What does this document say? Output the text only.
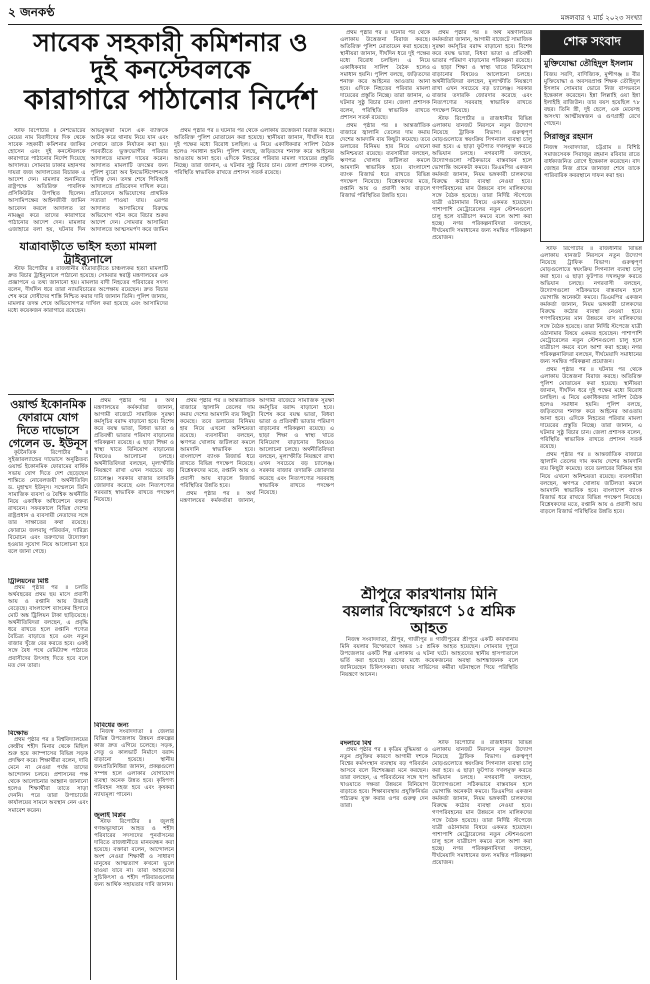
২ জনকণ্ঠ	মঙ্গলবার ৭ মার্চ ২০২৩ সংখ্যা
সাবেক সহকারী কমিশনার ও
দুই কনস্টেবলকে
কারাগারে পাঠানোর নির্দেশ

স্টাফ রিপোর্টার ॥ নৈশভোটের মেয়ের নাম বিবাদীদের দিক থেকে সাবেক সহকারী কমিশনার জাকির হোসেন এবং দুই কনস্টেবলকে কারাগারে পাঠানোর নির্দেশ দিয়েছে আদালত। সোমবার ঢাকার মহানগর দায়রা জজ আদালতের বিচারক এ আদেশ দেন। মামলার শুনানিতে রাষ্ট্রপক্ষে অতিরিক্ত পাবলিক প্রসিকিউটর উপস্থিত ছিলেন। আসামিপক্ষের আইনজীবী জামিন আবেদন করলে আদালত তা নামঞ্জুর করে তাদের কারাগারে পাঠানোর আদেশ দেন। মামলার এজাহারে বলা হয়, ঘটনার দিন অভিযুক্তরা মিলে এক ব্যক্তিকে আটক করে থানায় নিয়ে যান এবং সেখানে তাকে নির্যাতন করা হয়। পরবর্তীতে ভুক্তভোগীর পরিবার আদালতে মামলা দায়ের করেন। আদালত মামলাটি তদন্তের জন্য পুলিশ ব্যুরো অব ইনভেস্টিগেশনকে দায়িত্ব দেন। তদন্ত শেষে পিবিআই আদালতে প্রতিবেদন দাখিল করে। প্রতিবেদনে অভিযোগের প্রাথমিক সত্যতা পাওয়া যায়। এরপর আদালত আসামিদের বিরুদ্ধে অভিযোগ গঠন করে বিচার শুরুর আদেশ দেন। সোমবার আসামিরা আদালতে আত্মসমর্পণ করে জামিন

যাত্রাবাড়ীতে ভাইস হত্যা মামলা ট্রাইব্যুনালে

স্টাফ রিপোর্টার ॥ রাজধানীর যাত্রাবাড়ীতে চাঞ্চল্যকর হত্যা মামলাটি দ্রুত বিচার ট্রাইব্যুনালে পাঠানো হয়েছে। সোমবার স্বরাষ্ট্র মন্ত্রণালয়ের এক প্রজ্ঞাপনে এ তথ্য জানানো হয়। মামলার বাদী নিহতের পরিবারের সদস্য বলেন, দীর্ঘদিন ধরে তারা ন্যায়বিচারের অপেক্ষায় রয়েছেন। দ্রুত বিচার শেষ করে দোষীদের শাস্তি নিশ্চিত করার দাবি জানান তিনি। পুলিশ জানায়, মামলার তদন্ত শেষে অভিযোগপত্র দাখিল করা হয়েছে এবং আসামিদের মধ্যে কয়েকজন কারাগারে রয়েছেন।

প্রথম পৃষ্ঠার পর ॥ ঘটনার পর থেকে এলাকায় উত্তেজনা বিরাজ করছে। অতিরিক্ত পুলিশ মোতায়েন করা হয়েছে। স্থানীয়রা জানান, দীর্ঘদিন ধরে দুই পক্ষের মধ্যে বিরোধ চলছিল। এ নিয়ে একাধিকবার সালিশ বৈঠক হলেও সমাধান হয়নি। পুলিশ বলছে, জড়িতদের শনাক্ত করে আইনের আওতায় আনা হবে। এদিকে নিহতের পরিবার মামলা দায়েরের প্রস্তুতি নিচ্ছে। তারা জানান, এ ঘটনার সুষ্ঠু বিচার চান। জেলা প্রশাসক বলেন, পরিস্থিতি স্বাভাবিক রাখতে প্রশাসন সতর্ক রয়েছে।

ওয়ার্ল্ড ইকোনমিক ফোরামে যোগ দিতে দাভোসে গেলেন ড. ইউনূস

কূটনৈতিক রিপোর্টার ॥ সুইজারল্যান্ডের দাভোসে অনুষ্ঠিতব্য ওয়ার্ল্ড ইকোনমিক ফোরামের বার্ষিক সভায় যোগ দিতে দেশ ছেড়েছেন শান্তিতে নোবেলজয়ী অর্থনীতিবিদ ড. মুহাম্মদ ইউনূস। সম্মেলনে তিনি সামাজিক ব্যবসা ও বৈশ্বিক অর্থনীতি নিয়ে একাধিক অধিবেশনে বক্তব্য রাখবেন। সফরকালে বিভিন্ন দেশের রাষ্ট্রপ্রধান ও ব্যবসায়ী নেতাদের সঙ্গে তার সাক্ষাতের কথা রয়েছে। ফোরামে জলবায়ু পরিবর্তন, দারিদ্র্য বিমোচন এবং তরুণদের উদ্যোক্তা হওয়ার সুযোগ নিয়ে আলোচনা হবে বলে জানা গেছে।

ট্রিলিয়নের মিষ্টি

প্রথম পৃষ্ঠার পর ॥ চলতি অর্থবছরের প্রথম ছয় মাসে প্রবাসী আয় ও রপ্তানি আয় উভয়ই বেড়েছে। বাংলাদেশ ব্যাংকের হিসাবে মোট অঙ্ক ট্রিলিয়ন টাকা ছাড়িয়েছে। অর্থনীতিবিদরা বলছেন, এ প্রবৃদ্ধি ধরে রাখতে হলে রপ্তানি পণ্যের বৈচিত্র্য বাড়াতে হবে এবং নতুন বাজার খুঁজে বের করতে হবে। একই সঙ্গে বৈধ পথে রেমিট্যান্স পাঠাতে প্রবাসীদের উৎসাহ দিতে হবে বলে মত দেন তারা।

বিক্ষোভ

প্রথম পৃষ্ঠার পর ॥ বিশ্ববিদ্যালয়ের কেন্দ্রীয় শহীদ মিনার থেকে মিছিল শুরু হয়ে ক্যাম্পাসের বিভিন্ন সড়ক প্রদক্ষিণ করে। শিক্ষার্থীরা বলেন, দাবি মেনে না নেওয়া পর্যন্ত তাদের আন্দোলন চলবে। প্রশাসনের পক্ষ থেকে আলোচনার আহ্বান জানানো হলেও শিক্ষার্থীরা তাতে সাড়া দেননি। পরে তারা উপাচার্যের কার্যালয়ের সামনে অবস্থান নেন এবং সমাবেশ করেন।

প্রথম পৃষ্ঠার পর ॥ অর্থ মন্ত্রণালয়ের কর্মকর্তারা জানান, আগামী বাজেটে সামাজিক সুরক্ষা কর্মসূচির বরাদ্দ বাড়ানো হবে। বিশেষ করে বয়স্ক ভাতা, বিধবা ভাতা ও প্রতিবন্ধী ভাতার পরিমাণ বাড়ানোর পরিকল্পনা রয়েছে। এ ছাড়া শিক্ষা ও স্বাস্থ্য খাতে বিনিয়োগ বাড়ানোর বিষয়েও আলোচনা চলছে। অর্থনীতিবিদরা বলছেন, মূল্যস্ফীতি নিয়ন্ত্রণে রাখা এখন সবচেয়ে বড় চ্যালেঞ্জ। সরকার বাজার তদারকি জোরদার করেছে এবং নিত্যপণ্যের সরবরাহ স্বাভাবিক রাখতে পদক্ষেপ নিয়েছে।

বিবিধের জন্য

নিজস্ব সংবাদদাতা ॥ জেলার বিভিন্ন উপজেলায় উন্নয়ন প্রকল্পের কাজ দ্রুত এগিয়ে চলেছে। সড়ক, সেতু ও কালভার্ট নির্মাণে বরাদ্দ বাড়ানো হয়েছে। স্থানীয় জনপ্রতিনিধিরা জানান, প্রকল্পগুলো সম্পন্ন হলে এলাকার যোগাযোগ ব্যবস্থা অনেক উন্নত হবে। কৃষিপণ্য পরিবহন সহজ হবে এবং কৃষকরা ন্যায্যমূল্য পাবেন।

জুলাই বিপ্লব

স্টাফ রিপোর্টার ॥ জুলাই গণঅভ্যুত্থানে আহত ও শহীদ পরিবারের সদস্যদের পুনর্বাসনের দাবিতে রাজধানীতে মানববন্ধন করা হয়েছে। বক্তারা বলেন, আন্দোলনে অংশ নেওয়া শিক্ষার্থী ও সাধারণ মানুষের আত্মত্যাগ কখনো ভুলে যাওয়া যাবে না। তারা আহতদের সুচিকিৎসা ও শহীদ পরিবারগুলোর জন্য আর্থিক সহায়তার দাবি জানান।

প্রথম পৃষ্ঠার পর ॥ আন্তর্জাতিক বাজারে জ্বালানি তেলের দাম কমায় দেশের আমদানি ব্যয় কিছুটা কমেছে। তবে ডলারের বিনিময় হার নিয়ে এখনো অনিশ্চয়তা রয়েছে। ব্যবসায়ীরা বলছেন, ঋণপত্র খোলায় জটিলতা কমলে আমদানি স্বাভাবিক হবে। বাংলাদেশ ব্যাংক রিজার্ভ ধরে রাখতে বিভিন্ন পদক্ষেপ নিয়েছে। বিশ্লেষকদের মতে, রপ্তানি আয় ও প্রবাসী আয় বাড়লে রিজার্ভ পরিস্থিতির উন্নতি হবে।

প্রথম পৃষ্ঠার পর ॥ অর্থ মন্ত্রণালয়ের কর্মকর্তারা জানান, আগামী বাজেটে সামাজিক সুরক্ষা কর্মসূচির বরাদ্দ বাড়ানো হবে। বিশেষ করে বয়স্ক ভাতা, বিধবা ভাতা ও প্রতিবন্ধী ভাতার পরিমাণ বাড়ানোর পরিকল্পনা রয়েছে। এ ছাড়া শিক্ষা ও স্বাস্থ্য খাতে বিনিয়োগ বাড়ানোর বিষয়েও আলোচনা চলছে। অর্থনীতিবিদরা বলছেন, মূল্যস্ফীতি নিয়ন্ত্রণে রাখা এখন সবচেয়ে বড় চ্যালেঞ্জ। সরকার বাজার তদারকি জোরদার করেছে এবং নিত্যপণ্যের সরবরাহ স্বাভাবিক রাখতে পদক্ষেপ নিয়েছে।

প্রথম পৃষ্ঠার পর ॥ ঘটনার পর থেকে এলাকায় উত্তেজনা বিরাজ করছে। অতিরিক্ত পুলিশ মোতায়েন করা হয়েছে। স্থানীয়রা জানান, দীর্ঘদিন ধরে দুই পক্ষের মধ্যে বিরোধ চলছিল। এ নিয়ে একাধিকবার সালিশ বৈঠক হলেও সমাধান হয়নি। পুলিশ বলছে, জড়িতদের শনাক্ত করে আইনের আওতায় আনা হবে। এদিকে নিহতের পরিবার মামলা দায়েরের প্রস্তুতি নিচ্ছে। তারা জানান, এ ঘটনার সুষ্ঠু বিচার চান। জেলা প্রশাসক বলেন, পরিস্থিতি স্বাভাবিক রাখতে প্রশাসন সতর্ক রয়েছে।

প্রথম পৃষ্ঠার পর ॥ আন্তর্জাতিক বাজারে জ্বালানি তেলের দাম কমায় দেশের আমদানি ব্যয় কিছুটা কমেছে। তবে ডলারের বিনিময় হার নিয়ে এখনো অনিশ্চয়তা রয়েছে। ব্যবসায়ীরা বলছেন, ঋণপত্র খোলায় জটিলতা কমলে আমদানি স্বাভাবিক হবে। বাংলাদেশ ব্যাংক রিজার্ভ ধরে রাখতে বিভিন্ন পদক্ষেপ নিয়েছে। বিশ্লেষকদের মতে, রপ্তানি আয় ও প্রবাসী আয় বাড়লে রিজার্ভ পরিস্থিতির উন্নতি হবে।

শ্রীপুরে কারখানায় মিনি বয়লার বিস্ফোরণে ১৫ শ্রমিক আহত

নিজস্ব সংবাদদাতা, শ্রীপুর, গাজীপুর ॥ গাজীপুরের শ্রীপুরে একটি কারখানায় মিনি বয়লার বিস্ফোরণে অন্তত ১৫ শ্রমিক আহত হয়েছেন। সোমবার দুপুরে উপজেলার একটি শিল্প এলাকায় এ ঘটনা ঘটে। আহতদের স্থানীয় হাসপাতালে ভর্তি করা হয়েছে। তাদের মধ্যে কয়েকজনের অবস্থা আশঙ্কাজনক বলে জানিয়েছেন চিকিৎসকরা। ফায়ার সার্ভিসের কর্মীরা ঘটনাস্থলে গিয়ে পরিস্থিতি নিয়ন্ত্রণে আনেন।

বদলাবে বিশ্ব

প্রথম পৃষ্ঠার পর ॥ কৃত্রিম বুদ্ধিমত্তা ও নতুন প্রযুক্তির কারণে আগামী দশকে বিশ্বের কর্মসংস্থান ব্যবস্থায় বড় পরিবর্তন আসবে বলে বিশেষজ্ঞরা মনে করছেন। তারা বলছেন, এ পরিবর্তনের সঙ্গে খাপ খাওয়াতে দক্ষতা উন্নয়নে বিনিয়োগ বাড়াতে হবে। শিক্ষাব্যবস্থায় প্রযুক্তিনির্ভর পাঠ্যক্রম যুক্ত করার ওপর গুরুত্ব দেন তারা।

প্রথম পৃষ্ঠার পর ॥ অর্থ মন্ত্রণালয়ের কর্মকর্তারা জানান, আগামী বাজেটে সামাজিক সুরক্ষা কর্মসূচির বরাদ্দ বাড়ানো হবে। বিশেষ করে বয়স্ক ভাতা, বিধবা ভাতা ও প্রতিবন্ধী ভাতার পরিমাণ বাড়ানোর পরিকল্পনা রয়েছে। এ ছাড়া শিক্ষা ও স্বাস্থ্য খাতে বিনিয়োগ বাড়ানোর বিষয়েও আলোচনা চলছে। অর্থনীতিবিদরা বলছেন, মূল্যস্ফীতি নিয়ন্ত্রণে রাখা এখন সবচেয়ে বড় চ্যালেঞ্জ। সরকার বাজার তদারকি জোরদার করেছে এবং নিত্যপণ্যের সরবরাহ স্বাভাবিক রাখতে পদক্ষেপ নিয়েছে।

স্টাফ রিপোর্টার ॥ রাজধানীর বিভিন্ন এলাকায় যানজট নিরসনে নতুন উদ্যোগ নিয়েছে ট্রাফিক বিভাগ। গুরুত্বপূর্ণ মোড়গুলোতে স্বয়ংক্রিয় সিগন্যাল ব্যবস্থা চালু করা হবে। এ ছাড়া ফুটপাত দখলমুক্ত করতে অভিযান চলছে। নগরবাসী বলছেন, উদ্যোগগুলো সঠিকভাবে বাস্তবায়ন হলে ভোগান্তি অনেকটা কমবে। ডিএমপির একজন কর্মকর্তা জানান, নিয়ম ভঙ্গকারী চালকদের বিরুদ্ধে কঠোর ব্যবস্থা নেওয়া হবে। গণপরিবহনের মান উন্নয়নে বাস মালিকদের সঙ্গে বৈঠক হয়েছে। তারা নির্দিষ্ট স্টপেজে যাত্রী ওঠানামার বিষয়ে একমত হয়েছেন। পাশাপাশি মেট্রোরেলের নতুন স্টেশনগুলো চালু হলে যাত্রীচাপ কমবে বলে আশা করা হচ্ছে। নগর পরিকল্পনাবিদরা বলছেন, দীর্ঘমেয়াদি সমাধানের জন্য সমন্বিত পরিকল্পনা প্রয়োজন।

স্টাফ রিপোর্টার ॥ রাজধানীর বিভিন্ন এলাকায় যানজট নিরসনে নতুন উদ্যোগ নিয়েছে ট্রাফিক বিভাগ। গুরুত্বপূর্ণ মোড়গুলোতে স্বয়ংক্রিয় সিগন্যাল ব্যবস্থা চালু করা হবে। এ ছাড়া ফুটপাত দখলমুক্ত করতে অভিযান চলছে। নগরবাসী বলছেন, উদ্যোগগুলো সঠিকভাবে বাস্তবায়ন হলে ভোগান্তি অনেকটা কমবে। ডিএমপির একজন কর্মকর্তা জানান, নিয়ম ভঙ্গকারী চালকদের বিরুদ্ধে কঠোর ব্যবস্থা নেওয়া হবে। গণপরিবহনের মান উন্নয়নে বাস মালিকদের সঙ্গে বৈঠক হয়েছে। তারা নির্দিষ্ট স্টপেজে যাত্রী ওঠানামার বিষয়ে একমত হয়েছেন। পাশাপাশি মেট্রোরেলের নতুন স্টেশনগুলো চালু হলে যাত্রীচাপ কমবে বলে আশা করা হচ্ছে। নগর পরিকল্পনাবিদরা বলছেন, দীর্ঘমেয়াদি সমাধানের জন্য সমন্বিত পরিকল্পনা প্রয়োজন।

শোক সংবাদ
মুক্তিযোদ্ধা তৌহিদুল ইসলাম
বিজয় সরণি, বাণিজ্যিক, মুন্সীগঞ্জ ॥ বীর মুক্তিযোদ্ধা ও অবসরপ্রাপ্ত শিক্ষক তৌহিদুল ইসলাম সোমবার ভোরে নিজ বাসভবনে ইন্তেকাল করেছেন। ইন্না লিল্লাহি ওয়া ইন্না ইলাইহি রাজিউন। তার বয়স হয়েছিল ৭৮ বছর। তিনি স্ত্রী, দুই ছেলে, এক মেয়েসহ অসংখ্য আত্মীয়স্বজন ও গুণগ্রাহী রেখে গেছেন।
সিরাজুর রহমান
নিজস্ব সংবাদদাতা, চট্টগ্রাম ॥ বিশিষ্ট সমাজসেবক সিরাজুর রহমান রবিবার রাতে বার্ধক্যজনিত রোগে ইন্তেকাল করেছেন। বাদ জোহর নিজ গ্রামে জানাজা শেষে তাকে পারিবারিক কবরস্থানে দাফন করা হয়।

স্টাফ রিপোর্টার ॥ রাজধানীর বিভিন্ন এলাকায় যানজট নিরসনে নতুন উদ্যোগ নিয়েছে ট্রাফিক বিভাগ। গুরুত্বপূর্ণ মোড়গুলোতে স্বয়ংক্রিয় সিগন্যাল ব্যবস্থা চালু করা হবে। এ ছাড়া ফুটপাত দখলমুক্ত করতে অভিযান চলছে। নগরবাসী বলছেন, উদ্যোগগুলো সঠিকভাবে বাস্তবায়ন হলে ভোগান্তি অনেকটা কমবে। ডিএমপির একজন কর্মকর্তা জানান, নিয়ম ভঙ্গকারী চালকদের বিরুদ্ধে কঠোর ব্যবস্থা নেওয়া হবে। গণপরিবহনের মান উন্নয়নে বাস মালিকদের সঙ্গে বৈঠক হয়েছে। তারা নির্দিষ্ট স্টপেজে যাত্রী ওঠানামার বিষয়ে একমত হয়েছেন। পাশাপাশি মেট্রোরেলের নতুন স্টেশনগুলো চালু হলে যাত্রীচাপ কমবে বলে আশা করা হচ্ছে। নগর পরিকল্পনাবিদরা বলছেন, দীর্ঘমেয়াদি সমাধানের জন্য সমন্বিত পরিকল্পনা প্রয়োজন।

প্রথম পৃষ্ঠার পর ॥ ঘটনার পর থেকে এলাকায় উত্তেজনা বিরাজ করছে। অতিরিক্ত পুলিশ মোতায়েন করা হয়েছে। স্থানীয়রা জানান, দীর্ঘদিন ধরে দুই পক্ষের মধ্যে বিরোধ চলছিল। এ নিয়ে একাধিকবার সালিশ বৈঠক হলেও সমাধান হয়নি। পুলিশ বলছে, জড়িতদের শনাক্ত করে আইনের আওতায় আনা হবে। এদিকে নিহতের পরিবার মামলা দায়েরের প্রস্তুতি নিচ্ছে। তারা জানান, এ ঘটনার সুষ্ঠু বিচার চান। জেলা প্রশাসক বলেন, পরিস্থিতি স্বাভাবিক রাখতে প্রশাসন সতর্ক রয়েছে।

প্রথম পৃষ্ঠার পর ॥ আন্তর্জাতিক বাজারে জ্বালানি তেলের দাম কমায় দেশের আমদানি ব্যয় কিছুটা কমেছে। তবে ডলারের বিনিময় হার নিয়ে এখনো অনিশ্চয়তা রয়েছে। ব্যবসায়ীরা বলছেন, ঋণপত্র খোলায় জটিলতা কমলে আমদানি স্বাভাবিক হবে। বাংলাদেশ ব্যাংক রিজার্ভ ধরে রাখতে বিভিন্ন পদক্ষেপ নিয়েছে। বিশ্লেষকদের মতে, রপ্তানি আয় ও প্রবাসী আয় বাড়লে রিজার্ভ পরিস্থিতির উন্নতি হবে।
